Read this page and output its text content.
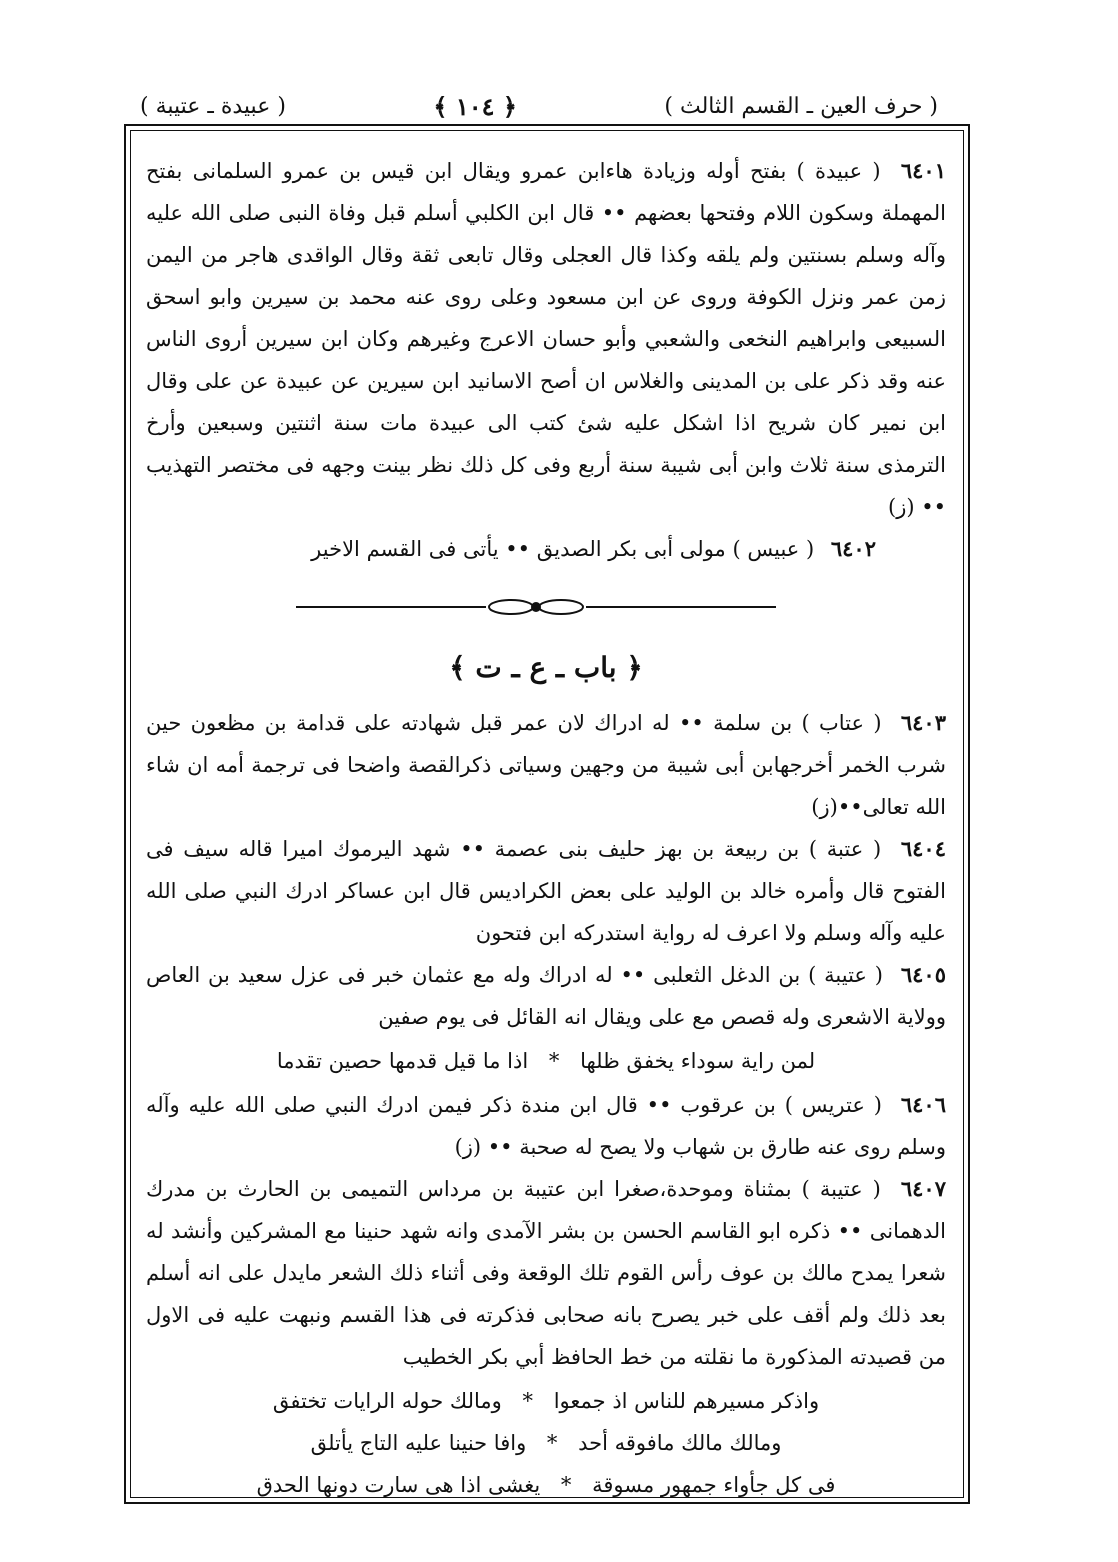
( حرف العين ـ القسم الثالث )
﴿ ١٠٤ ﴾
( عبيدة ـ عتيبة )

٦٤٠١ ( عبيدة ) بفتح أوله وزيادة هاءابن عمرو ويقال ابن قيس بن عمرو السلمانى بفتح المهملة وسكون اللام وفتحها بعضهم •• قال ابن الكلبي أسلم قبل وفاة النبى صلى الله عليه وآله وسلم بسنتين ولم يلقه وكذا قال العجلى وقال تابعى ثقة وقال الواقدى هاجر من اليمن زمن عمر ونزل الكوفة وروى عن ابن مسعود وعلى روى عنه محمد بن سيرين وابو اسحق السبيعى وابراهيم النخعى والشعبي وأبو حسان الاعرج وغيرهم وكان ابن سيرين أروى الناس عنه وقد ذكر على بن المدينى والغلاس ان أصح الاسانيد ابن سيرين عن عبيدة عن على وقال ابن نمير كان شريح اذا اشكل عليه شئ كتب الى عبيدة مات سنة اثنتين وسبعين وأرخ الترمذى سنة ثلاث وابن أبى شيبة سنة أربع وفى كل ذلك نظر بينت وجهه فى مختصر التهذيب •• (ز)

٦٤٠٢ ( عبيس ) مولى أبى بكر الصديق •• يأتى فى القسم الاخير

﴿ باب ـ ع ـ ت ﴾

٦٤٠٣ ( عتاب ) بن سلمة •• له ادراك لان عمر قبل شهادته على قدامة بن مظعون حين شرب الخمر أخرجهابن أبى شيبة من وجهين وسياتى ذكرالقصة واضحا فى ترجمة أمه ان شاء الله تعالى••(ز)

٦٤٠٤ ( عتبة ) بن ربيعة بن بهز حليف بنى عصمة •• شهد اليرموك اميرا قاله سيف فى الفتوح قال وأمره خالد بن الوليد على بعض الكراديس قال ابن عساكر ادرك النبي صلى الله عليه وآله وسلم ولا اعرف له رواية استدركه ابن فتحون

٦٤٠٥ ( عتيبة ) بن الدغل الثعلبى •• له ادراك وله مع عثمان خبر فى عزل سعيد بن العاص وولاية الاشعرى وله قصص مع على ويقال انه القائل فى يوم صفين

لمن راية سوداء يخفق ظلها * اذا ما قيل قدمها حصين تقدما

٦٤٠٦ ( عتريس ) بن عرقوب •• قال ابن مندة ذكر فيمن ادرك النبي صلى الله عليه وآله وسلم روى عنه طارق بن شهاب ولا يصح له صحبة •• (ز)

٦٤٠٧ ( عتيبة ) بمثناة وموحدة،صغرا ابن عتيبة بن مرداس التميمى بن الحارث بن مدرك الدهمانى •• ذكره ابو القاسم الحسن بن بشر الآمدى وانه شهد حنينا مع المشركين وأنشد له شعرا يمدح مالك بن عوف رأس القوم تلك الوقعة وفى أثناء ذلك الشعر مايدل على انه أسلم بعد ذلك ولم أقف على خبر يصرح بانه صحابى فذكرته فى هذا القسم ونبهت عليه فى الاول من قصيدته المذكورة ما نقلته من خط الحافظ أبي بكر الخطيب

واذكر مسيرهم للناس اذ جمعوا * ومالك حوله الرايات تختفق
ومالك مالك مافوقه أحد * وافا حنينا عليه التاج يأتلق
فى كل جأواء جمهور مسوقة * يغشى اذا هى سارت دونها الحدق
